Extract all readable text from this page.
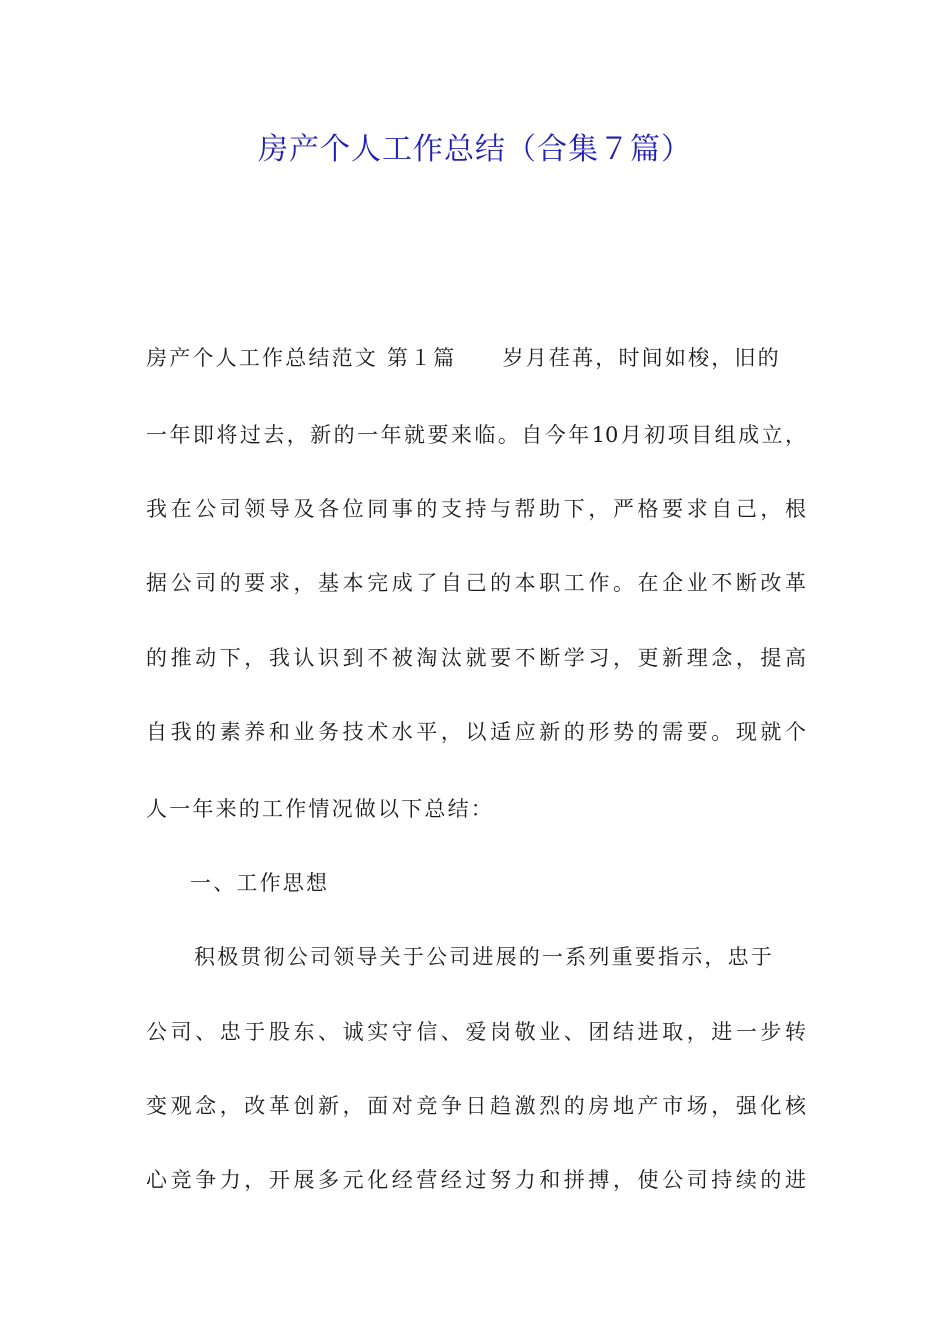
房产个人工作总结（合集７篇）
房产个人工作总结范文 第１篇 岁月荏苒，时间如梭，旧的
一年即将过去，新的一年就要来临。自今年10月初项目组成立，
我在公司领导及各位同事的支持与帮助下，严格要求自己，根
据公司的要求，基本完成了自己的本职工作。在企业不断改革
的推动下，我认识到不被淘汰就要不断学习，更新理念，提高
自我的素养和业务技术水平，以适应新的形势的需要。现就个
人一年来的工作情况做以下总结：
一、工作思想
积极贯彻公司领导关于公司进展的一系列重要指示，忠于
公司、忠于股东、诚实守信、爱岗敬业、团结进取，进一步转
变观念，改革创新，面对竞争日趋激烈的房地产市场，强化核
心竞争力，开展多元化经营经过努力和拼搏，使公司持续的进
